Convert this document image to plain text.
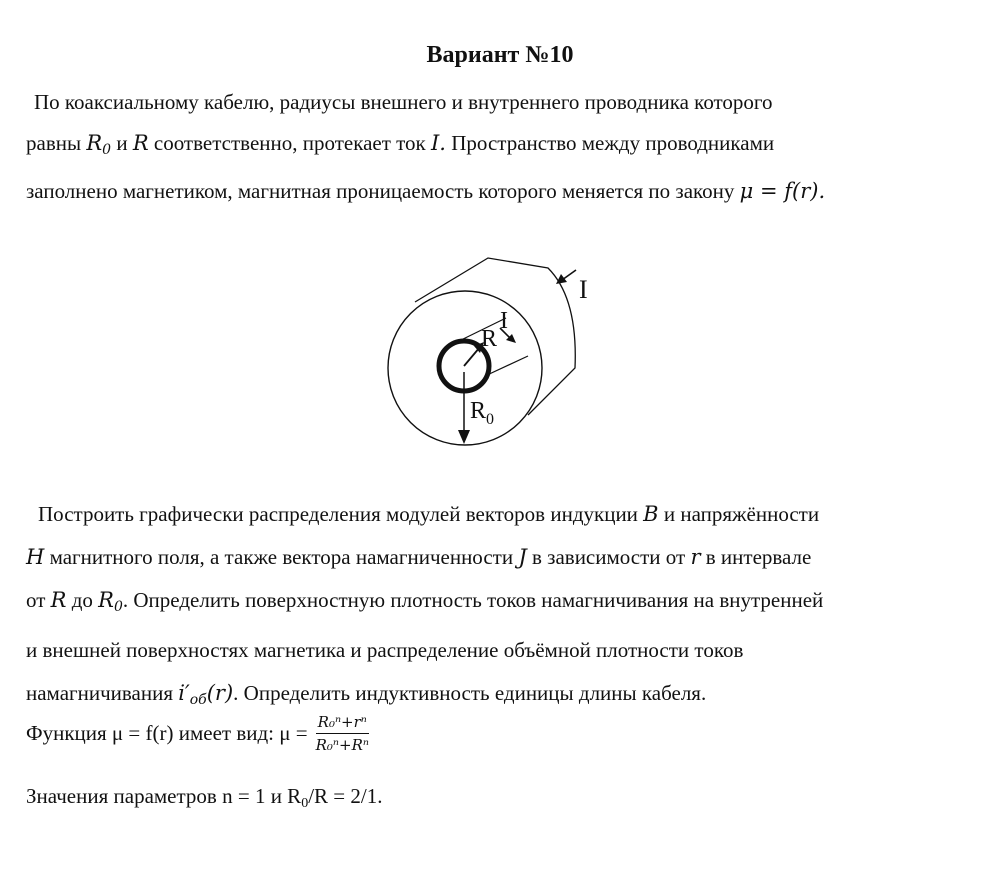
Вариант №10
По коаксиальному кабелю, радиусы внешнего и внутреннего проводника которого
равны $R_0$ и R соответственно, протекает ток I. Пространство между проводниками
заполнено магнетиком, магнитная проницаемость которого меняется по закону μ = f(r).
I
I
R
$R_0$
Построить графически распределения модулей векторов индукции B и напряжённости
H магнитного поля, а также вектора намагниченности J в зависимости от r в интервале
от R до $R_0$. Определить поверхностную плотность токов намагничивания на внутренней
и внешней поверхностях магнетика и распределение объёмной плотности токов
намагничивания $i'_{об}(r)$. Определить индуктивность единицы длины кабеля.
Функция μ = f(r) имеет вид: $\mu = \frac{\text{R₀ⁿ+rⁿ}}{\text{R₀ⁿ+Rⁿ}}$
Значения параметров n = 1 и $R_0/R = 2/1$.
